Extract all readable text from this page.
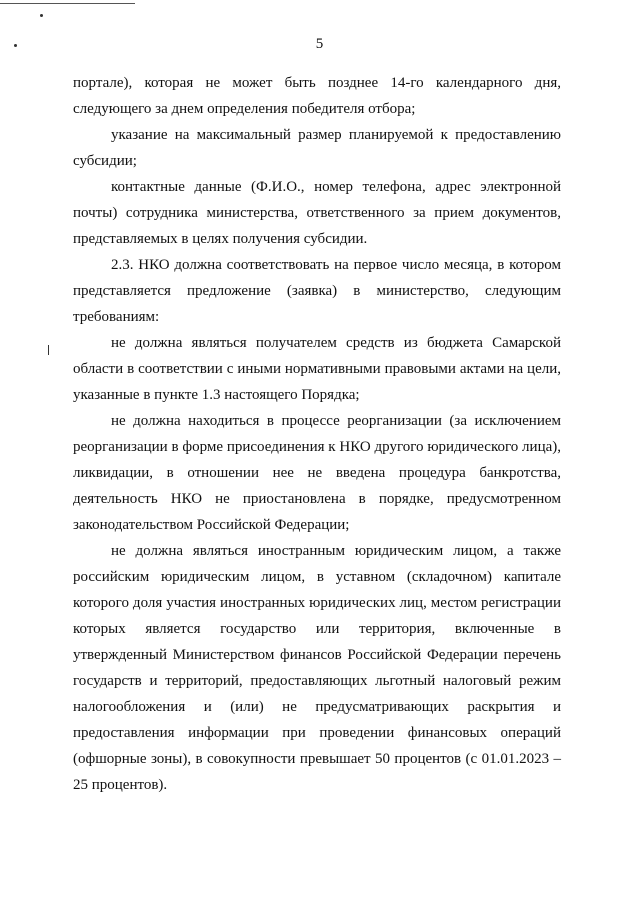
5

портале), которая не может быть позднее 14-го календарного дня, следующего за днем определения победителя отбора;

указание на максимальный размер планируемой к предоставлению субсидии;

контактные данные (Ф.И.О., номер телефона, адрес электронной почты) сотрудника министерства, ответственного за прием документов, представляемых в целях получения субсидии.

2.3. НКО должна соответствовать на первое число месяца, в котором представляется предложение (заявка) в министерство, следующим требованиям:

не должна являться получателем средств из бюджета Самарской области в соответствии с иными нормативными правовыми актами на цели, указанные в пункте 1.3 настоящего Порядка;

не должна находиться в процессе реорганизации (за исключением реорганизации в форме присоединения к НКО другого юридического лица), ликвидации, в отношении нее не введена процедура банкротства, деятельность НКО не приостановлена в порядке, предусмотренном законодательством Российской Федерации;

не должна являться иностранным юридическим лицом, а также российским юридическим лицом, в уставном (складочном) капитале которого доля участия иностранных юридических лиц, местом регистрации которых является государство или территория, включенные в утвержденный Министерством финансов Российской Федерации перечень государств и территорий, предоставляющих льготный налоговый режим налогообложения и (или) не предусматривающих раскрытия и предоставления информации при проведении финансовых операций (офшорные зоны), в совокупности превышает 50 процентов (с 01.01.2023 – 25 процентов).
